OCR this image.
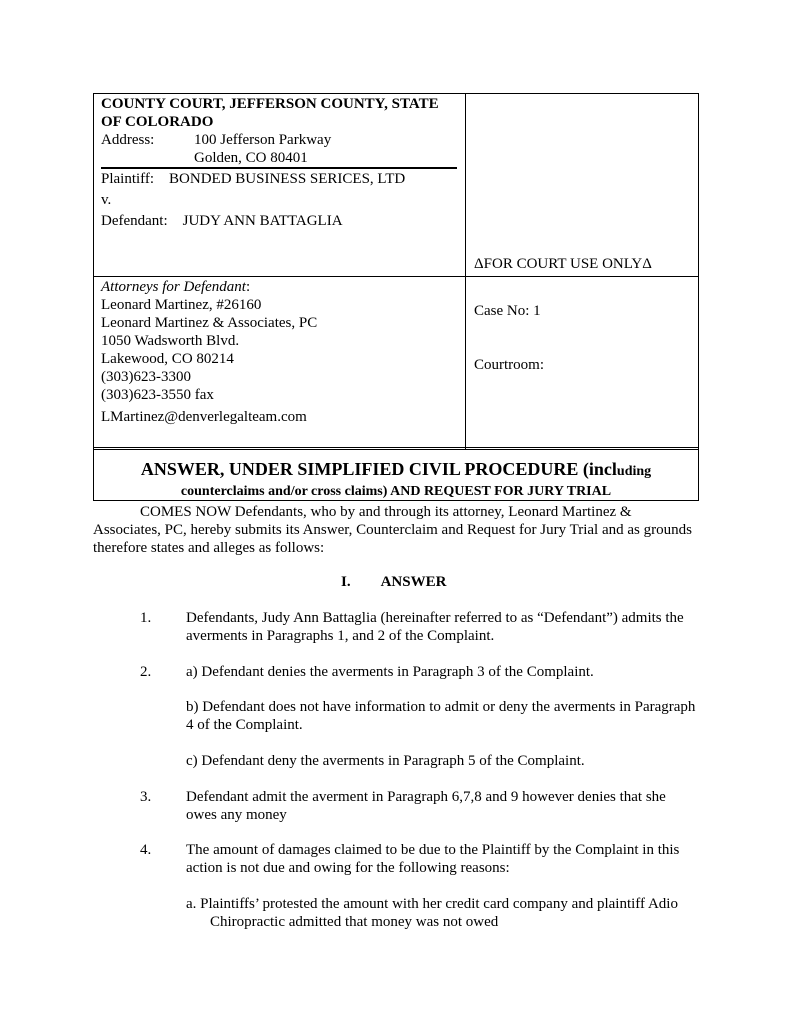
COUNTY COURT, JEFFERSON COUNTY, STATE
OF COLORADO
Address:	100 Jefferson Parkway
Golden, CO 80401
Plaintiff:    BONDED BUSINESS SERICES, LTD
v.
Defendant:    JUDY ANN BATTAGLIA
ΔFOR COURT USE ONLYΔ
Attorneys for Defendant:
Leonard Martinez, #26160
Leonard Martinez & Associates, PC
1050 Wadsworth Blvd.
Lakewood, CO 80214
(303)623-3300
(303)623-3550 fax
LMartinez@denverlegalteam.com
Case No: 1
Courtroom:
ANSWER, UNDER SIMPLIFIED CIVIL PROCEDURE (including
counterclaims and/or cross claims) AND REQUEST FOR JURY TRIAL
COMES NOW Defendants, who by and through its attorney, Leonard Martinez & Associates, PC, hereby submits its Answer, Counterclaim and Request for Jury Trial and as grounds therefore states and alleges as follows:
I. ANSWER
1. Defendants, Judy Ann Battaglia (hereinafter referred to as “Defendant”) admits the averments in Paragraphs 1, and 2 of the Complaint.
2. a) Defendant denies the averments in Paragraph 3 of the Complaint.
b) Defendant does not have information to admit or deny the averments in Paragraph 4 of the Complaint.
c) Defendant deny the averments in Paragraph 5 of the Complaint.
3. Defendant admit the averment in Paragraph 6,7,8 and 9 however denies that she owes any money
4. The amount of damages claimed to be due to the Plaintiff by the Complaint in this action is not due and owing for the following reasons:
a. Plaintiffs’ protested the amount with her credit card company and plaintiff Adio Chiropractic admitted that money was not owed
